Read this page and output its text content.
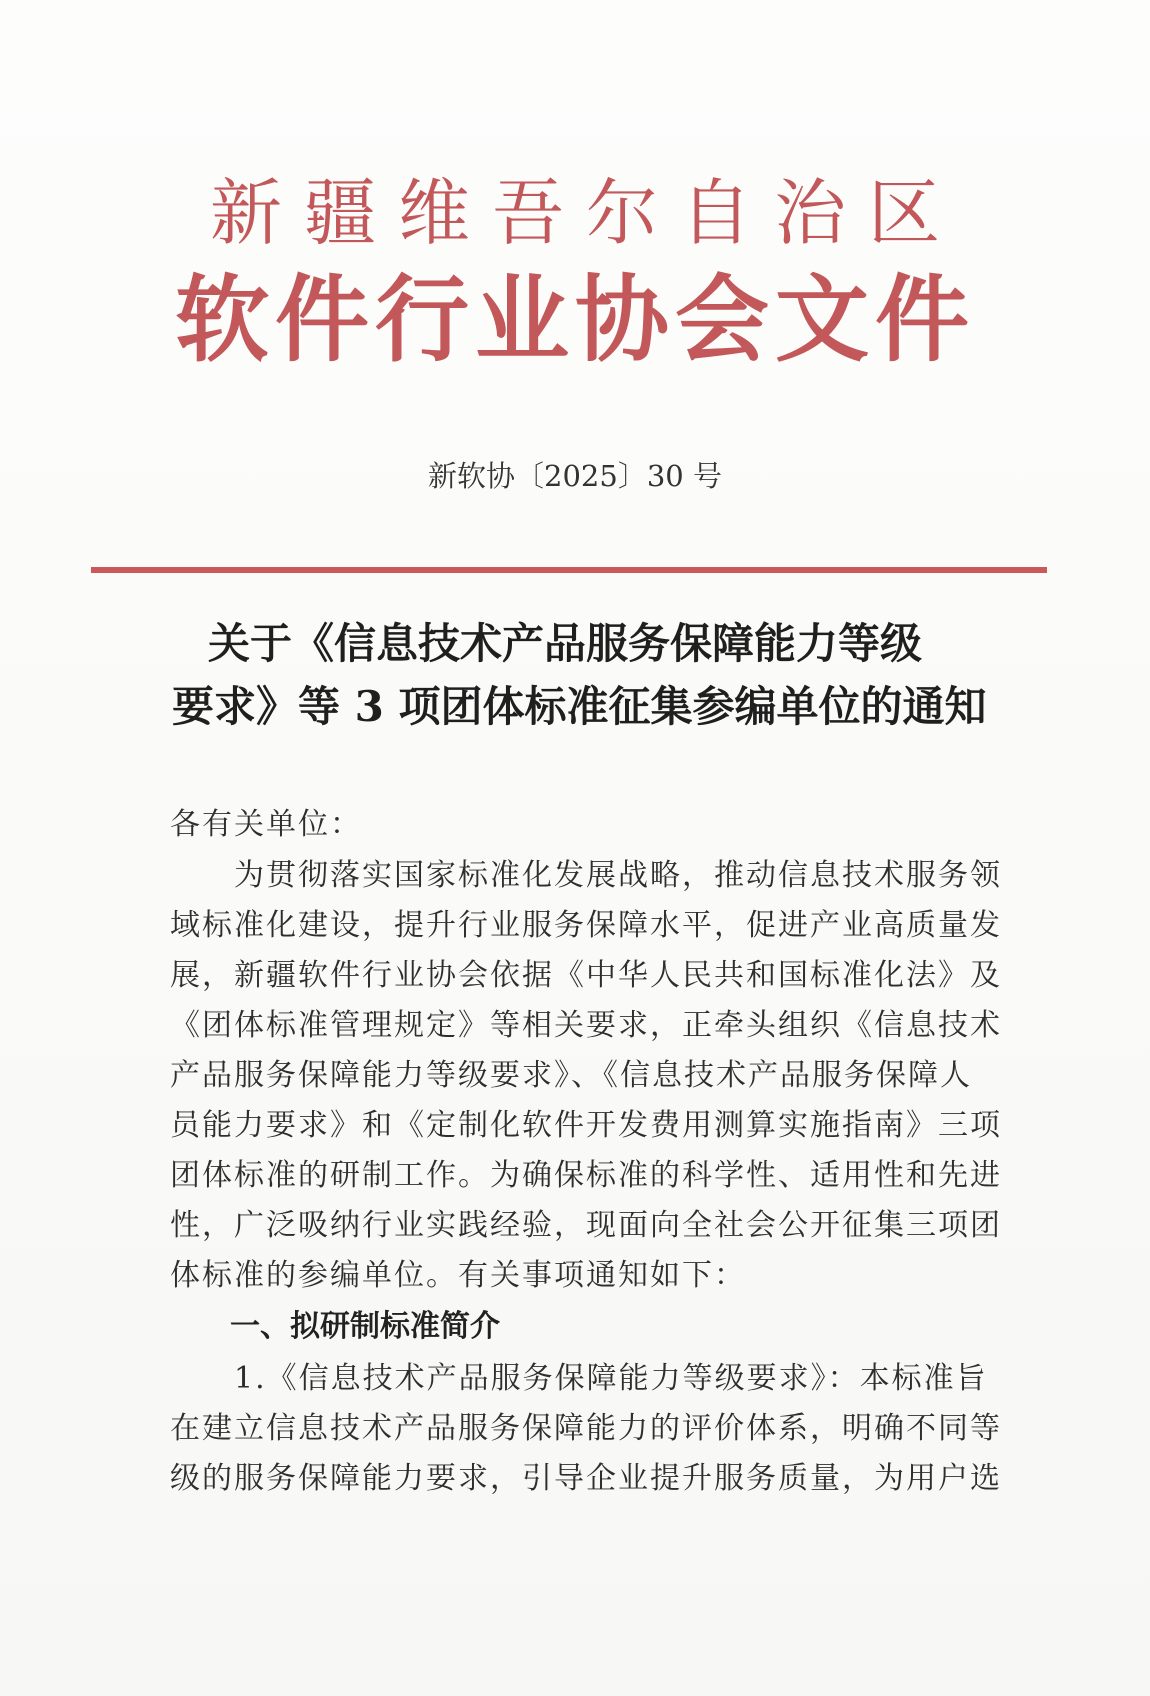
新疆维吾尔自治区
软件行业协会文件
新软协〔2025〕30 号
关于《信息技术产品服务保障能力等级
要求》等 3 项团体标准征集参编单位的通知
各有关单位：
　　为贯彻落实国家标准化发展战略，推动信息技术服务领
域标准化建设，提升行业服务保障水平，促进产业高质量发
展，新疆软件行业协会依据《中华人民共和国标准化法》及
《团体标准管理规定》等相关要求，正牵头组织《信息技术
产品服务保障能力等级要求》、《信息技术产品服务保障人
员能力要求》和《定制化软件开发费用测算实施指南》三项
团体标准的研制工作。为确保标准的科学性、适用性和先进
性，广泛吸纳行业实践经验，现面向全社会公开征集三项团
体标准的参编单位。有关事项通知如下：
一、拟研制标准简介
　　1.《信息技术产品服务保障能力等级要求》：本标准旨
在建立信息技术产品服务保障能力的评价体系，明确不同等
级的服务保障能力要求，引导企业提升服务质量，为用户选
